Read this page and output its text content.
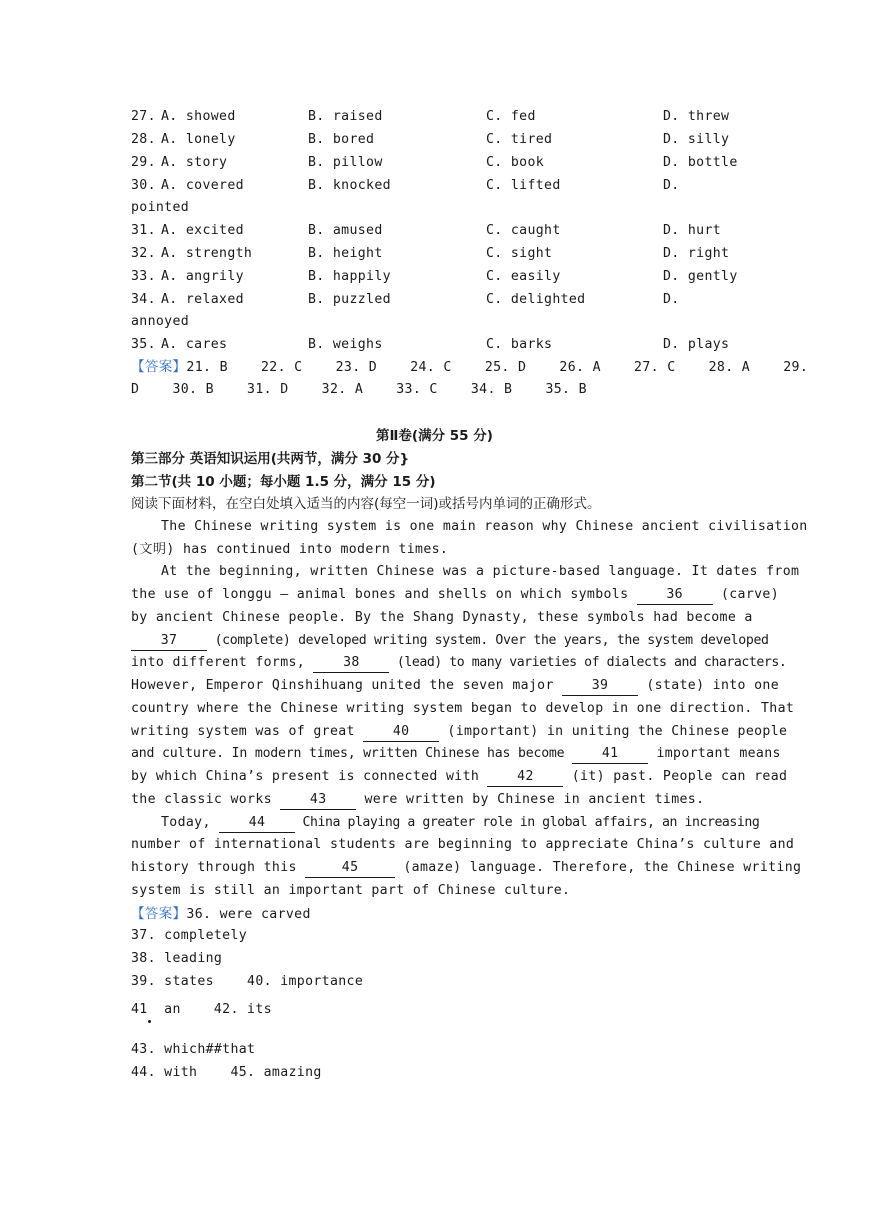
27. A. showed	B. raised	C. fed	D. threw
28. A. lonely	B. bored	C. tired	D. silly
29. A. story	B. pillow	C. book	D. bottle
30. A. covered	B. knocked	C. lifted	D.
pointed
31. A. excited	B. amused	C. caught	D. hurt
32. A. strength	B. height	C. sight	D. right
33. A. angrily	B. happily	C. easily	D. gently
34. A. relaxed	B. puzzled	C. delighted	D.
annoyed
35. A. cares	B. weighs	C. barks	D. plays
【答案】21. B    22. C    23. D    24. C    25. D    26. A    27. C    28. A    29.
D    30. B    31. D    32. A    33. C    34. B    35. B
第Ⅱ卷(满分 55 分)
第三部分 英语知识运用(共两节，满分 30 分}
第二节(共 10 小题；每小题 1.5 分，满分 15 分)
阅读下面材料，在空白处填入适当的内容(每空一词)或括号内单词的正确形式。
The Chinese writing system is one main reason why Chinese ancient civilisation
(文明) has continued into modern times.
At the beginning, written Chinese was a picture-based language. It dates from
the use of longgu — animal bones and shells on which symbols 36 (carve)
by ancient Chinese people. By the Shang Dynasty, these symbols had become a
37 (complete) developed writing system. Over the years, the system developed
into different forms, 38 (lead) to many varieties of dialects and characters.
However, Emperor Qinshihuang united the seven major 39 (state) into one
country where the Chinese writing system began to develop in one direction. That
writing system was of great 40 (important) in uniting the Chinese people
and culture. In modern times, written Chinese has become 41 important means
by which China’s present is connected with 42 (it) past. People can read
the classic works 43 were written by Chinese in ancient times.
Today, 44 China playing a greater role in global affairs, an increasing
number of international students are beginning to appreciate China’s culture and
history through this	45	(amaze) language. Therefore, the Chinese writing
system is still an important part of Chinese culture.
【答案】36. were carved
37. completely
38. leading
39. states    40. importance
41  an    42. its
43. which##that
44. with    45. amazing
